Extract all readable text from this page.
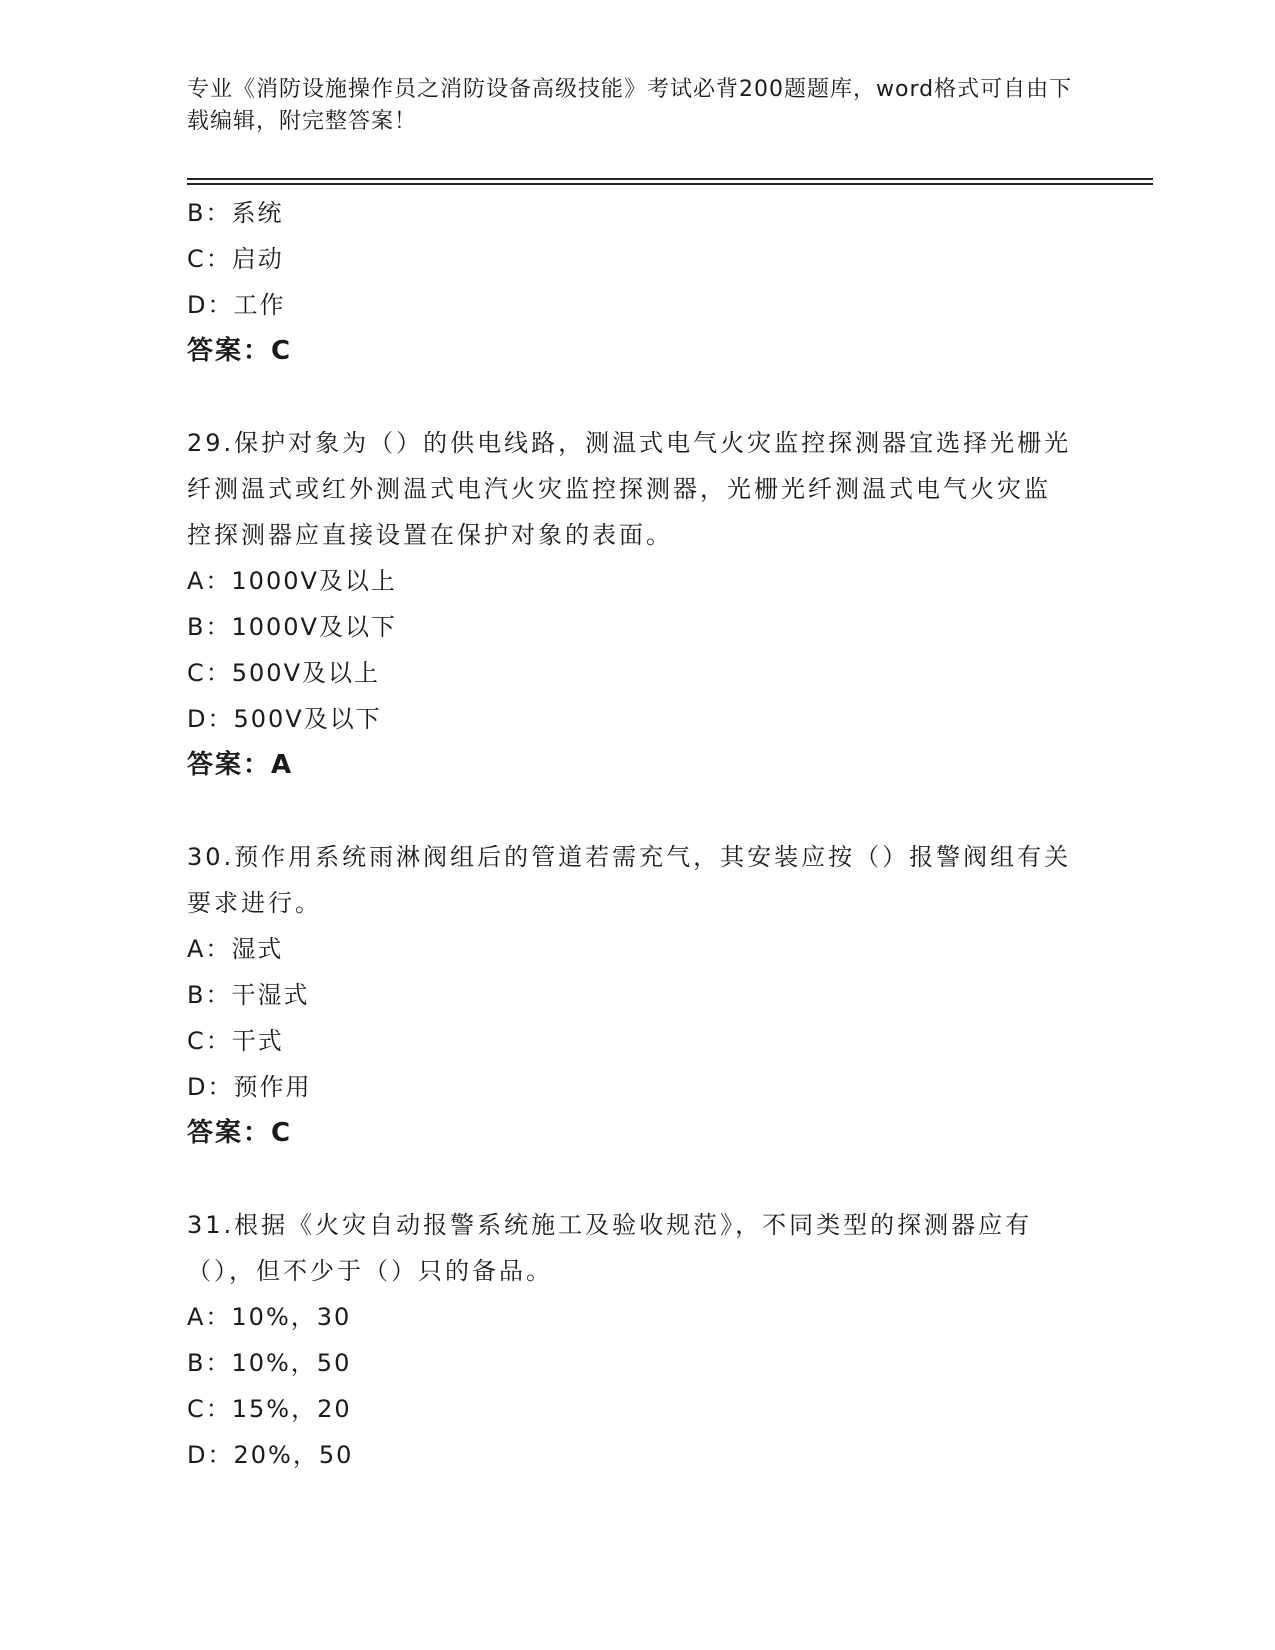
专业《消防设施操作员之消防设备高级技能》考试必背200题题库，word格式可自由下载编辑，附完整答案！
B：系统
C：启动
D：工作
答案：C
29.保护对象为（）的供电线路，测温式电气火灾监控探测器宜选择光栅光纤测温式或红外测温式电汽火灾监控探测器，光栅光纤测温式电气火灾监控探测器应直接设置在保护对象的表面。
A：1000V及以上
B：1000V及以下
C：500V及以上
D：500V及以下
答案：A
30.预作用系统雨淋阀组后的管道若需充气，其安装应按（）报警阀组有关要求进行。
A：湿式
B：干湿式
C：干式
D：预作用
答案：C
31.根据《火灾自动报警系统施工及验收规范》，不同类型的探测器应有（），但不少于（）只的备品。
A：10%，30
B：10%，50
C：15%，20
D：20%，50
